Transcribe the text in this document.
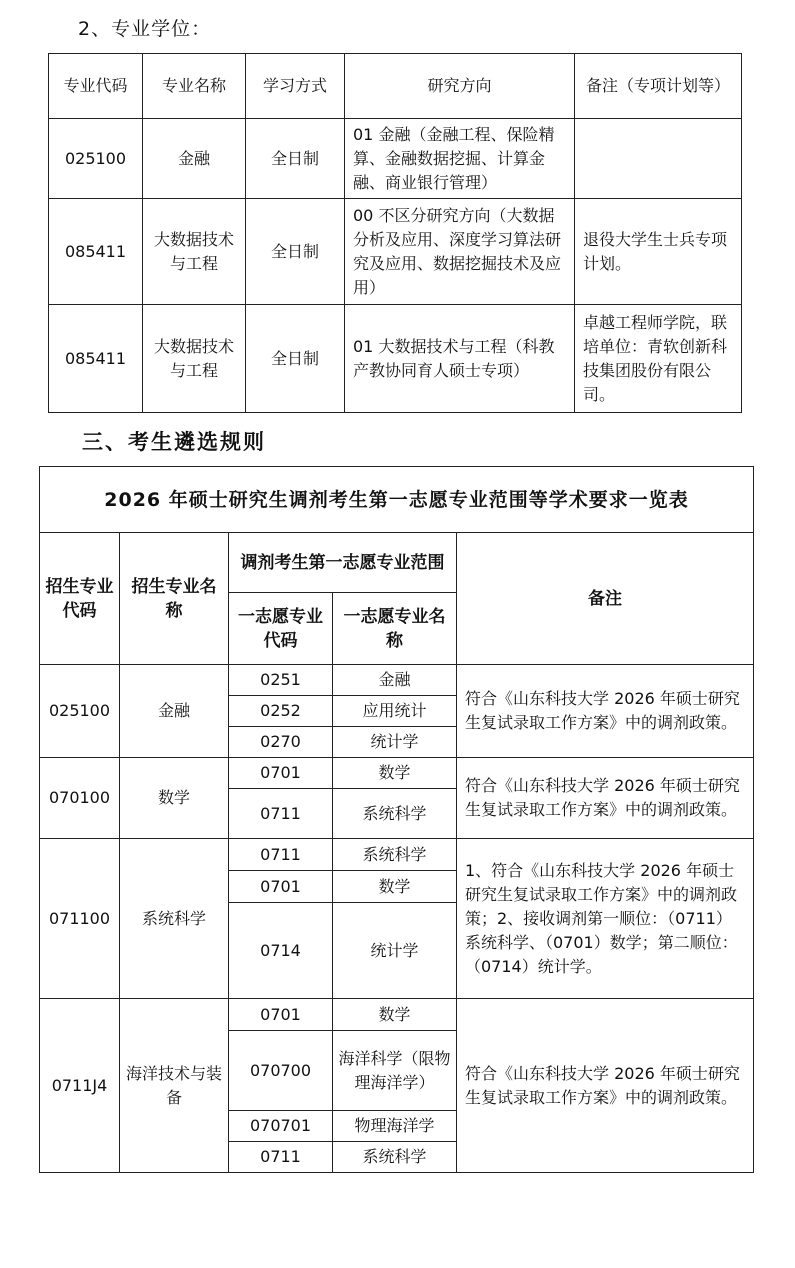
2、专业学位：
专业代码	专业名称	学习方式	研究方向	备注（专项计划等）
025100	金融	全日制	01 金融（金融工程、保险精算、金融数据挖掘、计算金融、商业银行管理）	
085411	大数据技术与工程	全日制	00 不区分研究方向（大数据分析及应用、深度学习算法研究及应用、数据挖掘技术及应用）	退役大学生士兵专项计划。
085411	大数据技术与工程	全日制	01 大数据技术与工程（科教产教协同育人硕士专项）	卓越工程师学院，联培单位：青软创新科技集团股份有限公司。
三、考生遴选规则
2026 年硕士研究生调剂考生第一志愿专业范围等学术要求一览表				
招生专业代码	招生专业名称	调剂考生第一志愿专业范围		备注
		一志愿专业代码	一志愿专业名称	
025100	金融	0251	金融	符合《山东科技大学 2026 年硕士研究生复试录取工作方案》中的调剂政策。
		0252	应用统计	
		0270	统计学	
070100	数学	0701	数学	符合《山东科技大学 2026 年硕士研究生复试录取工作方案》中的调剂政策。
		0711	系统科学	
071100	系统科学	0711	系统科学	1、符合《山东科技大学 2026 年硕士研究生复试录取工作方案》中的调剂政策；2、接收调剂第一顺位：（0711）系统科学、（0701）数学；第二顺位：（0714）统计学。
		0701	数学	
		0714	统计学	
0711J4	海洋技术与装备	0701	数学	符合《山东科技大学 2026 年硕士研究生复试录取工作方案》中的调剂政策。
		070700	海洋科学（限物理海洋学）	
		070701	物理海洋学	
		0711	系统科学	
